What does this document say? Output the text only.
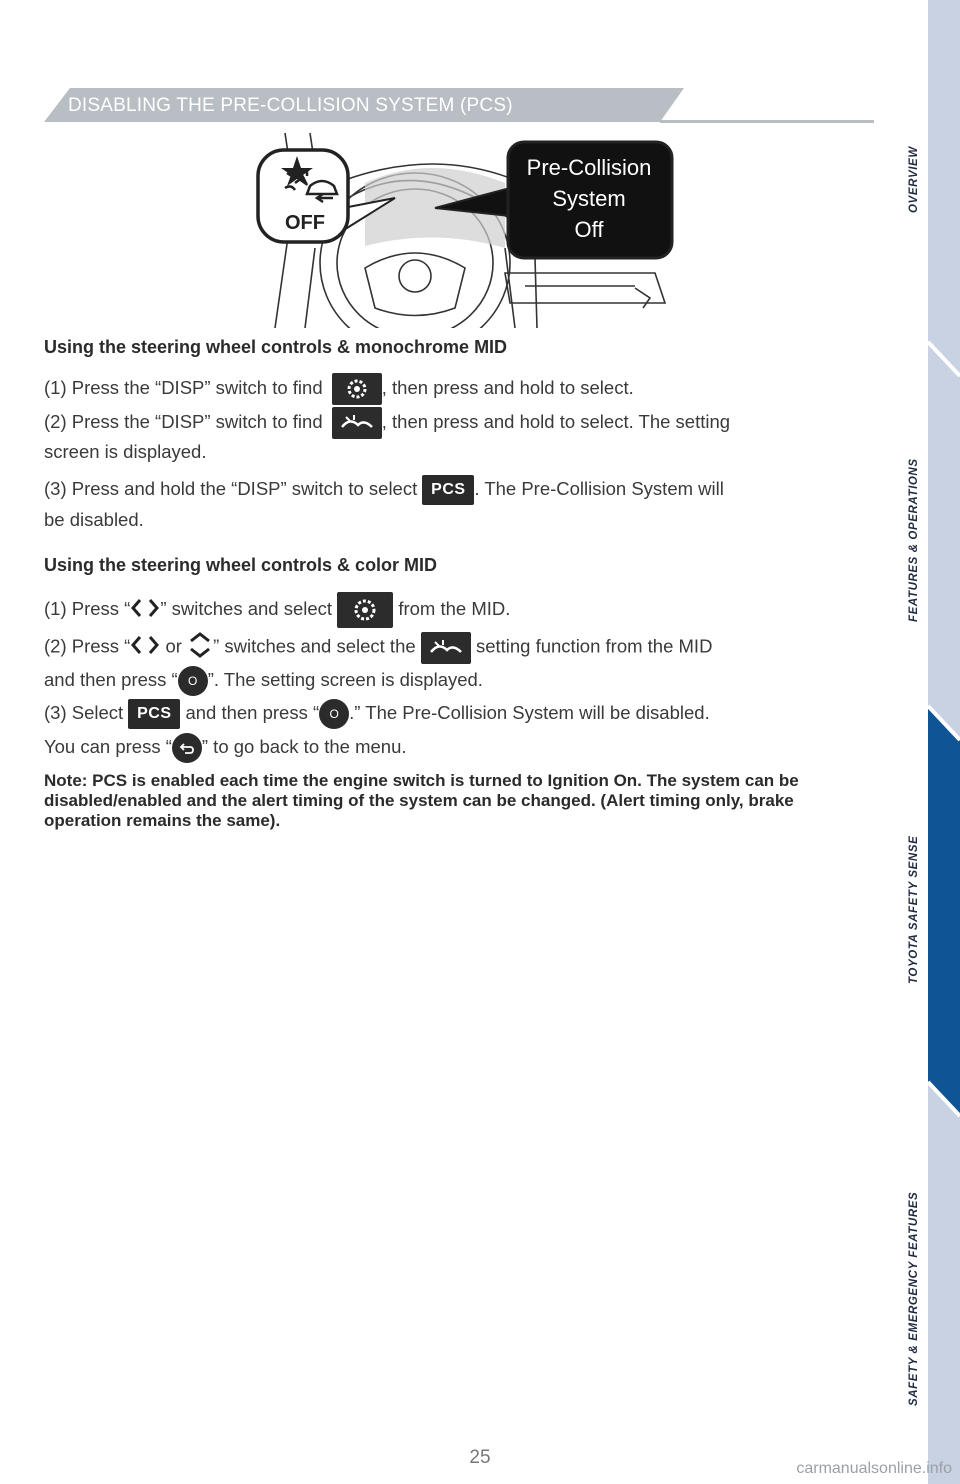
DISABLING THE PRE-COLLISION SYSTEM (PCS)
Pre-Collision
System
Off
OFF
Using the steering wheel controls & monochrome MID
(1) Press the “DISP” switch to find	, then press and hold to select.
(2) Press the “DISP” switch to find	, then press and hold to select. The setting
screen is displayed.
(3) Press and hold the “DISP” switch to select PCS . The Pre-Collision System will
be disabled.
Using the steering wheel controls & color MID
(1) Press “ ” switches and select	from the MID.
(2) Press “ or ” switches and select the	setting function from the MID
and then press “ O ”. The setting screen is displayed.
(3) Select PCS and then press “ O .” The Pre-Collision System will be disabled.
You can press “ ” to go back to the menu.
Note: PCS is enabled each time the engine switch is turned to Ignition On. The system can be disabled/enabled and the alert timing of the system can be changed. (Alert timing only, brake operation remains the same).
OVERVIEW
FEATURES & OPERATIONS
TOYOTA SAFETY SENSE
SAFETY & EMERGENCY FEATURES
25
carmanualsonline.info
